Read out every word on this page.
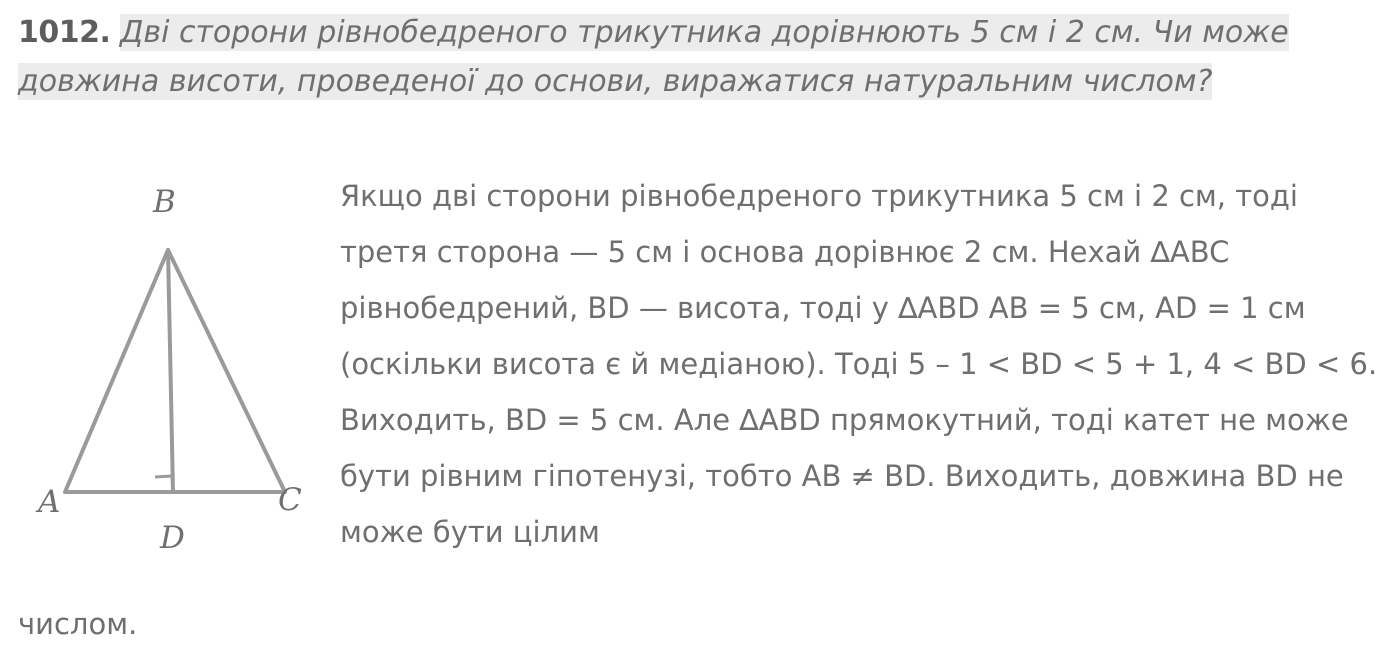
1012. Дві сторони рівнобедреного трикутника дорівнюють 5 см і 2 см. Чи може довжина висоти, проведеної до основи, виражатися натуральним числом?
B
A	C
D
Якщо дві сторони рівнобедреного трикутника 5 см і 2 см, тоді третя сторона — 5 см і основа дорівнює 2 см. Нехай ∆ABC рівнобедрений, BD — висота, тоді у ∆ABD AB = 5 см, AD = 1 см (оскільки висота є й медіаною). Тоді 5 – 1 < BD < 5 + 1, 4 < BD < 6. Виходить, BD = 5 см. Але ∆ABD прямокутний, тоді катет не може бути рівним гіпотенузі, тобто AB ≠ BD. Виходить, довжина BD не може бути цілим
числом.
